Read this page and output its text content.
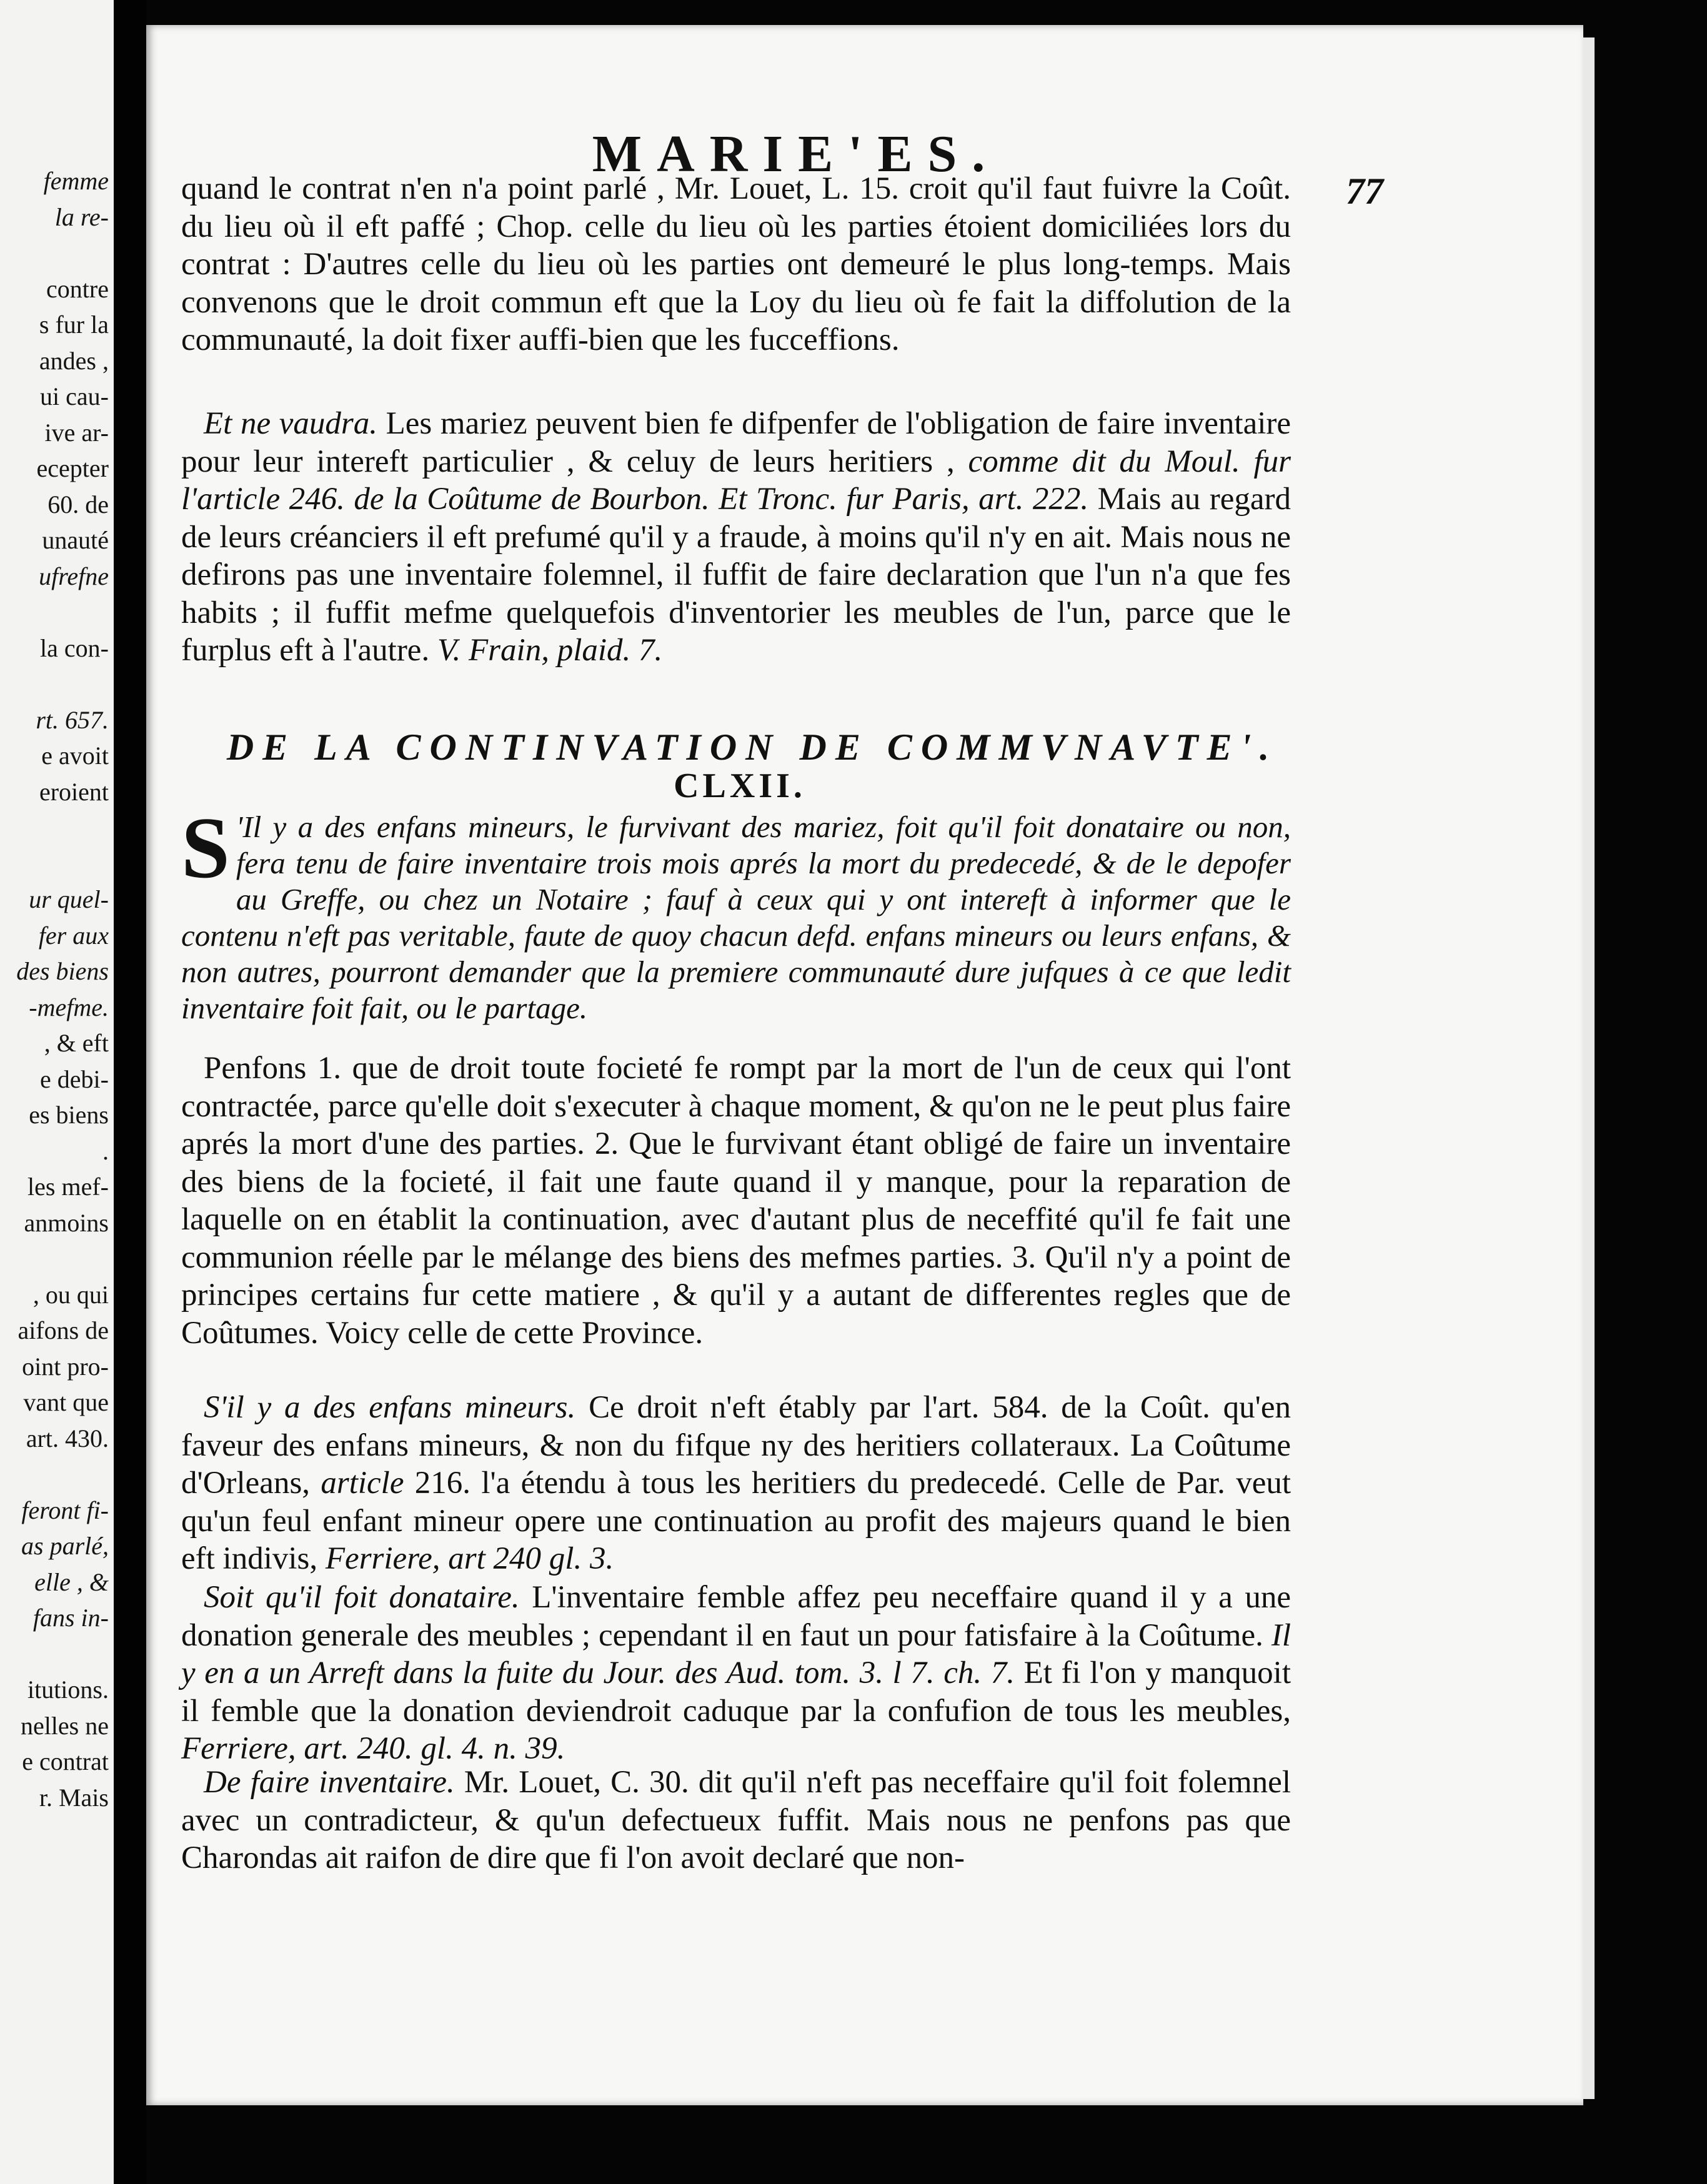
femme
la re-
contre
s fur la
andes ,
ui cau-
ive ar-
ecepter
60. de
unauté
ufrefne
la con-
rt. 657.
e avoit
eroient
ur quel-
fer aux
des biens
-mefme.
, & eft
e debi-
es biens
.
les mef-
anmoins
, ou qui
aifons de
oint pro-
vant que
art. 430.
feront fi-
as parlé,
elle , &
fans in-
itutions.
nelles ne
e contrat
r. Mais
MARIE'ES.
77

quand le contrat n'en n'a point parlé , Mr. Louet, L. 15. croit qu'il faut fuivre la Coût. du lieu où il eft paffé ; Chop. celle du lieu où les parties étoient domiciliées lors du contrat : D'autres celle du lieu où les parties ont demeuré le plus long-temps. Mais convenons que le droit commun eft que la Loy du lieu où fe fait la diffolution de la communauté, la doit fixer auffi-bien que les fucceffions.

Et ne vaudra. Les mariez peuvent bien fe difpenfer de l'obligation de faire inventaire pour leur intereft particulier , & celuy de leurs heritiers , comme dit du Moul. fur l'article 246. de la Coûtume de Bourbon. Et Tronc. fur Paris, art. 222. Mais au regard de leurs créanciers il eft prefumé qu'il y a fraude, à moins qu'il n'y en ait. Mais nous ne defirons pas une inventaire folemnel, il fuffit de faire declaration que l'un n'a que fes habits ; il fuffit mefme quelquefois d'inventorier les meubles de l'un, parce que le furplus eft à l'autre. V. Frain, plaid. 7.

DE LA CONTINVATION DE COMMVNAVTE'.
CLXII.
S 'Il y a des enfans mineurs, le furvivant des mariez, foit qu'il foit donataire ou non, fera tenu de faire inventaire trois mois aprés la mort du predecedé, & de le depofer au Greffe, ou chez un Notaire ; fauf à ceux qui y ont intereft à informer que le contenu n'eft pas veritable, faute de quoy chacun defd. enfans mineurs ou leurs enfans, & non autres, pourront demander que la premiere communauté dure jufques à ce que ledit inventaire foit fait, ou le partage.

Penfons 1. que de droit toute focieté fe rompt par la mort de l'un de ceux qui l'ont contractée, parce qu'elle doit s'executer à chaque moment, & qu'on ne le peut plus faire aprés la mort d'une des parties. 2. Que le furvivant étant obligé de faire un inventaire des biens de la focieté, il fait une faute quand il y manque, pour la reparation de laquelle on en établit la continuation, avec d'autant plus de neceffité qu'il fe fait une communion réelle par le mélange des biens des mefmes parties. 3. Qu'il n'y a point de principes certains fur cette matiere , & qu'il y a autant de differentes regles que de Coûtumes. Voicy celle de cette Province.

S'il y a des enfans mineurs. Ce droit n'eft étably par l'art. 584. de la Coût. qu'en faveur des enfans mineurs, & non du fifque ny des heritiers collateraux. La Coûtume d'Orleans, article 216. l'a étendu à tous les heritiers du predecedé. Celle de Par. veut qu'un feul enfant mineur opere une continuation au profit des majeurs quand le bien eft indivis, Ferriere, art 240 gl. 3.

Soit qu'il foit donataire. L'inventaire femble affez peu neceffaire quand il y a une donation generale des meubles ; cependant il en faut un pour fatisfaire à la Coûtume. Il y en a un Arreft dans la fuite du Jour. des Aud. tom. 3. l 7. ch. 7. Et fi l'on y manquoit il femble que la donation deviendroit caduque par la confufion de tous les meubles, Ferriere, art. 240. gl. 4. n. 39.

De faire inventaire. Mr. Louet, C. 30. dit qu'il n'eft pas neceffaire qu'il foit folemnel avec un contradicteur, & qu'un defectueux fuffit. Mais nous ne penfons pas que Charondas ait raifon de dire que fi l'on avoit declaré que non-
